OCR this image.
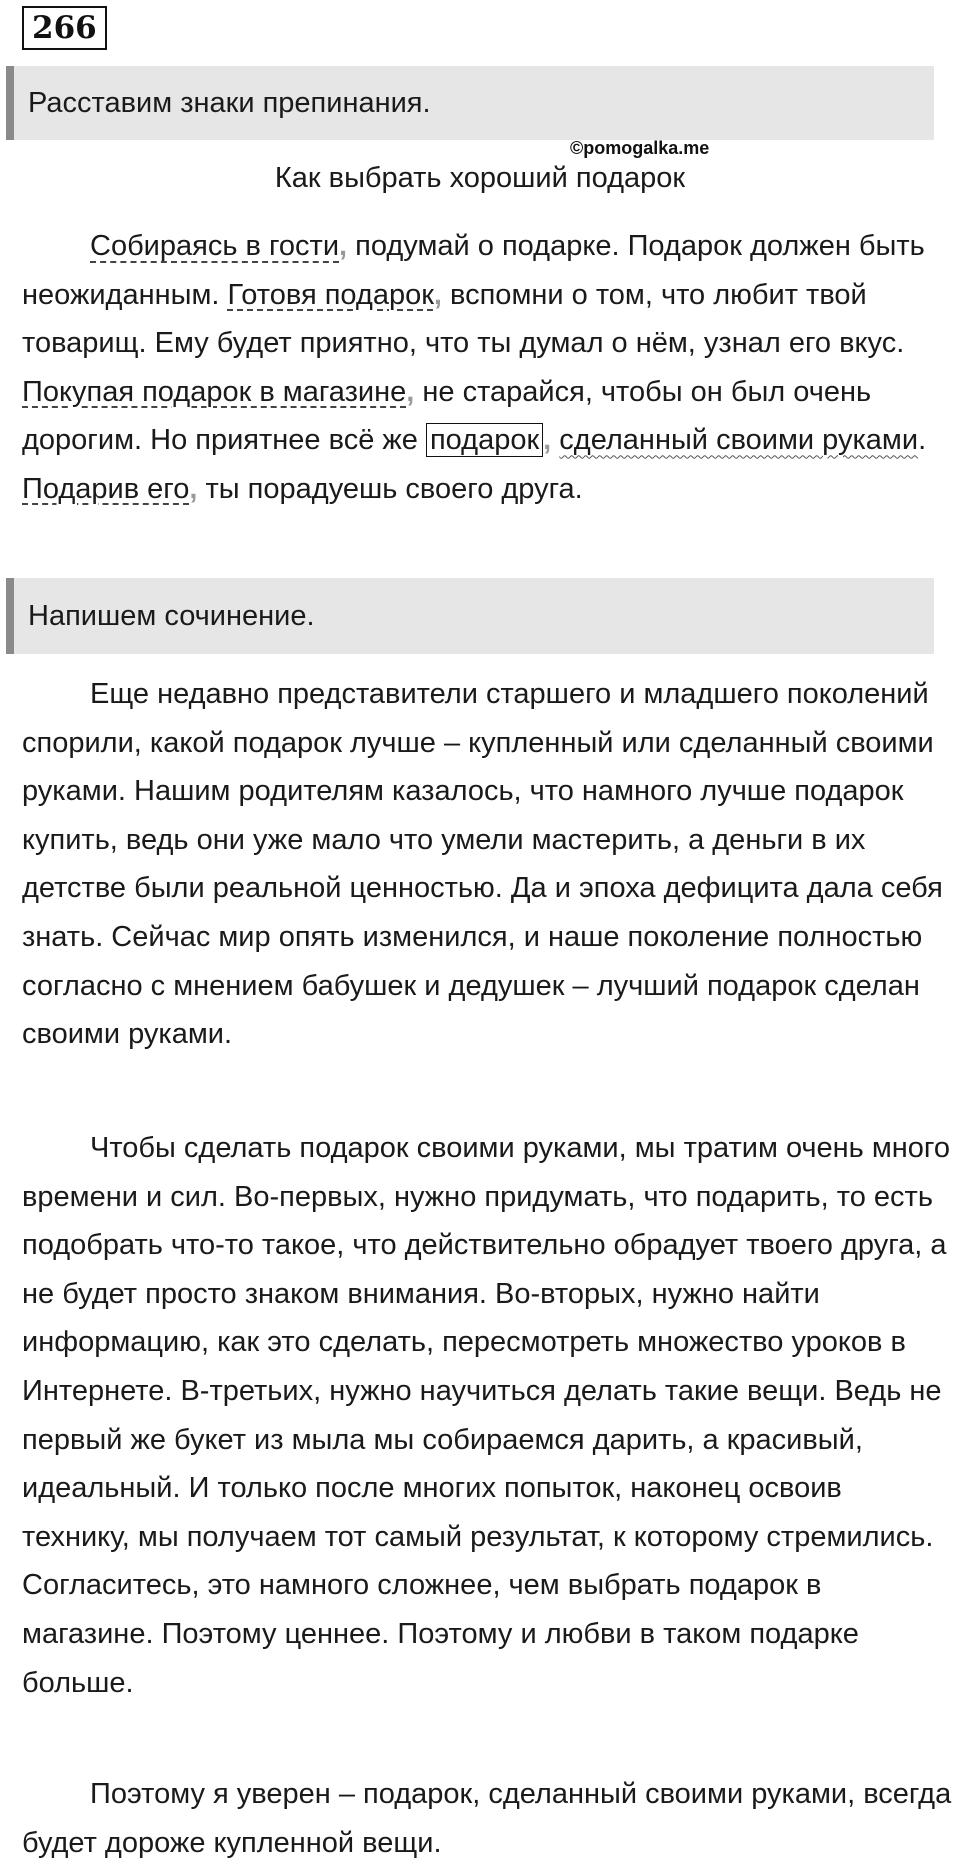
266
Расставим знаки препинания.
©pomogalka.me
Как выбрать хороший подарок

Собираясь в гости, подумай о подарке. Подарок должен быть неожиданным. Готовя подарок, вспомни о том, что любит твой товарищ. Ему будет приятно, что ты думал о нём, узнал его вкус. Покупая подарок в магазине, не старайся, чтобы он был очень дорогим. Но приятнее всё же подарок , сделанный своими руками. Подарив его, ты порадуешь своего друга.

Напишем сочинение.

Еще недавно представители старшего и младшего поколений спорили, какой подарок лучше – купленный или сделанный своими руками. Нашим родителям казалось, что намного лучше подарок купить, ведь они уже мало что умели мастерить, а деньги в их детстве были реальной ценностью. Да и эпоха дефицита дала себя знать. Сейчас мир опять изменился, и наше поколение полностью согласно с мнением бабушек и дедушек – лучший подарок сделан своими руками.

Чтобы сделать подарок своими руками, мы тратим очень много времени и сил. Во-первых, нужно придумать, что подарить, то есть подобрать что-то такое, что действительно обрадует твоего друга, а не будет просто знаком внимания. Во-вторых, нужно найти информацию, как это сделать, пересмотреть множество уроков в Интернете. В-третьих, нужно научиться делать такие вещи. Ведь не первый же букет из мыла мы собираемся дарить, а красивый, идеальный. И только после многих попыток, наконец освоив технику, мы получаем тот самый результат, к которому стремились. Согласитесь, это намного сложнее, чем выбрать подарок в магазине. Поэтому ценнее. Поэтому и любви в таком подарке больше.

Поэтому я уверен – подарок, сделанный своими руками, всегда будет дороже купленной вещи.
